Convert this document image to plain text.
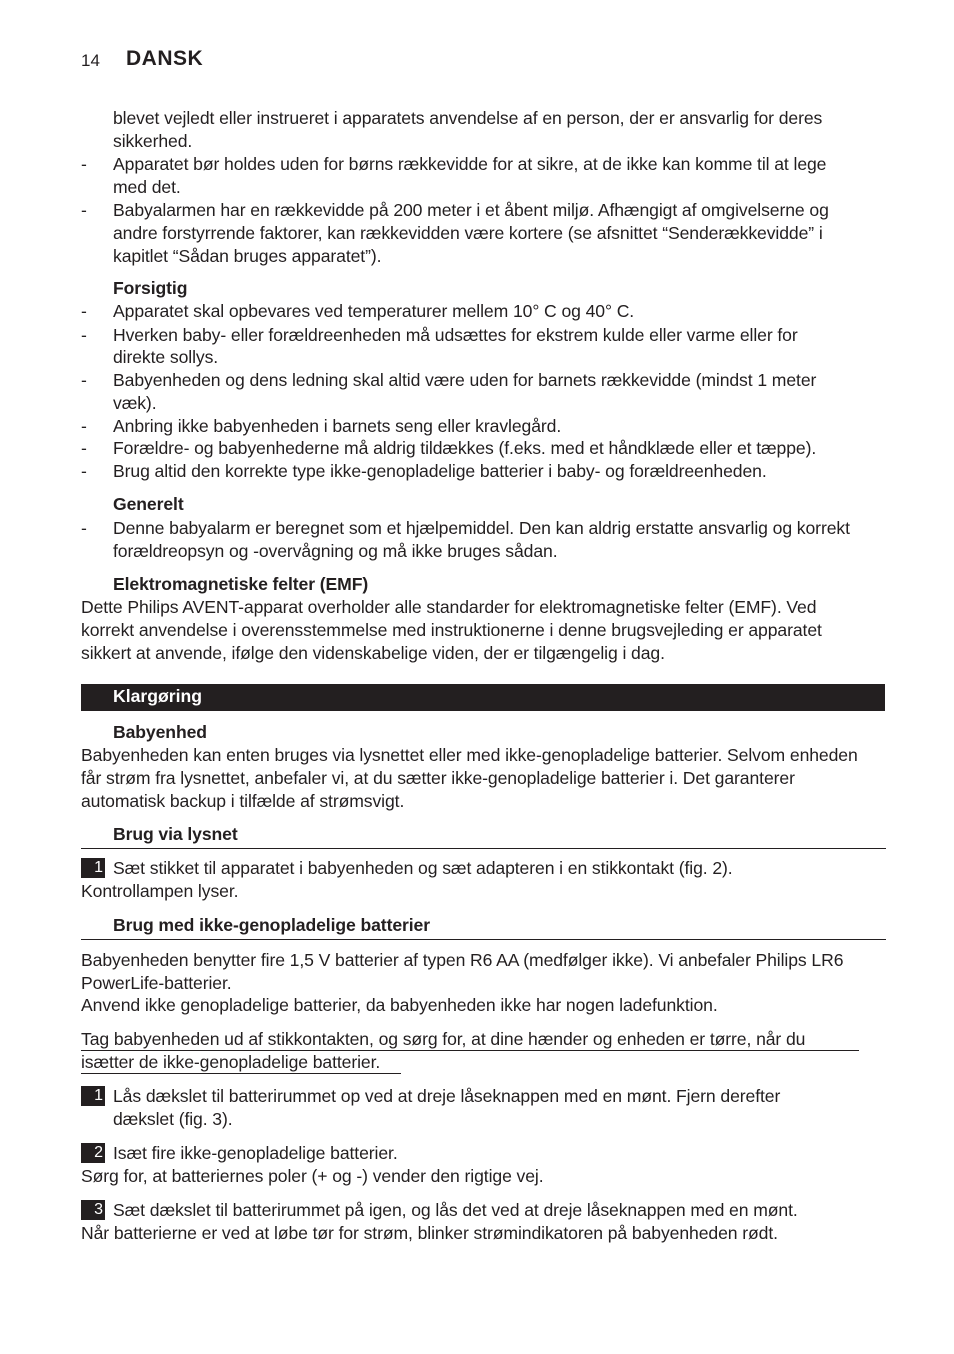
14 DANSK
blevet vejledt eller instrueret i apparatets anvendelse af en person, der er ansvarlig for deres
sikkerhed.
- Apparatet bør holdes uden for børns rækkevidde for at sikre, at de ikke kan komme til at lege
med det.
- Babyalarmen har en rækkevidde på 200 meter i et åbent miljø. Afhængigt af omgivelserne og
andre forstyrrende faktorer, kan rækkevidden være kortere (se afsnittet “Senderækkevidde” i
kapitlet “Sådan bruges apparatet”).
Forsigtig
- Apparatet skal opbevares ved temperaturer mellem 10° C og 40° C.
- Hverken baby- eller forældreenheden må udsættes for ekstrem kulde eller varme eller for
direkte sollys.
- Babyenheden og dens ledning skal altid være uden for barnets rækkevidde (mindst 1 meter
væk).
- Anbring ikke babyenheden i barnets seng eller kravlegård.
- Forældre- og babyenhederne må aldrig tildækkes (f.eks. med et håndklæde eller et tæppe).
- Brug altid den korrekte type ikke-genopladelige batterier i baby- og forældreenheden.
Generelt
- Denne babyalarm er beregnet som et hjælpemiddel. Den kan aldrig erstatte ansvarlig og korrekt
forældreopsyn og -overvågning og må ikke bruges sådan.
Elektromagnetiske felter (EMF)
Dette Philips AVENT-apparat overholder alle standarder for elektromagnetiske felter (EMF). Ved
korrekt anvendelse i overensstemmelse med instruktionerne i denne brugsvejleding er apparatet
sikkert at anvende, ifølge den videnskabelige viden, der er tilgængelig i dag.
Klargøring
Babyenhed
Babyenheden kan enten bruges via lysnettet eller med ikke-genopladelige batterier. Selvom enheden
får strøm fra lysnettet, anbefaler vi, at du sætter ikke-genopladelige batterier i. Det garanterer
automatisk backup i tilfælde af strømsvigt.
Brug via lysnet
1 Sæt stikket til apparatet i babyenheden og sæt adapteren i en stikkontakt (fig. 2).
Kontrollampen lyser.
Brug med ikke-genopladelige batterier
Babyenheden benytter fire 1,5 V batterier af typen R6 AA (medfølger ikke). Vi anbefaler Philips LR6
PowerLife-batterier.
Anvend ikke genopladelige batterier, da babyenheden ikke har nogen ladefunktion.
Tag babyenheden ud af stikkontakten, og sørg for, at dine hænder og enheden er tørre, når du
isætter de ikke-genopladelige batterier.
1 Lås dækslet til batterirummet op ved at dreje låseknappen med en mønt. Fjern derefter
dækslet (fig. 3).
2 Isæt fire ikke-genopladelige batterier.
Sørg for, at batteriernes poler (+ og -) vender den rigtige vej.
3 Sæt dækslet til batterirummet på igen, og lås det ved at dreje låseknappen med en mønt.
Når batterierne er ved at løbe tør for strøm, blinker strømindikatoren på babyenheden rødt.
